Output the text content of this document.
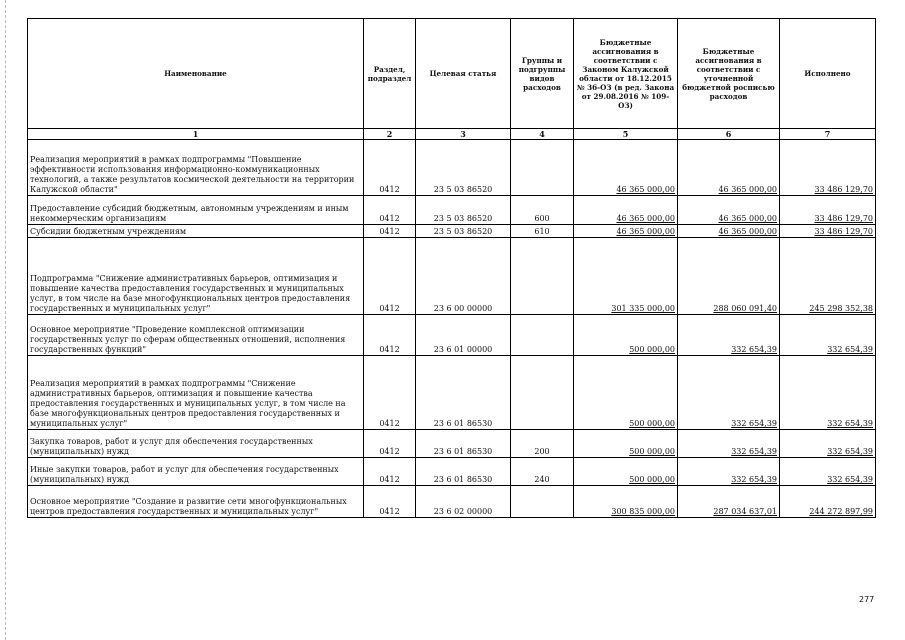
Наименование	Раздел, подраздел	Целевая статья	Группы и подгруппы видов расходов	Бюджетные ассигнования в соответствии с Законом Калужской области от 18.12.2015 № 36-ОЗ (в ред. Закона от 29.08.2016 № 109-ОЗ)	Бюджетные ассигнования в соответствии с уточненной бюджетной росписью расходов	Исполнено
1	2	3	4	5	6	7
Реализация мероприятий в рамках подпрограммы "Повышение эффективности использования информационно-коммуникационных технологий, а также результатов космической деятельности на территории Калужской области"	0412	23 5 03 86520		46 365 000,00	46 365 000,00	33 486 129,70
Предоставление субсидий бюджетным, автономным учреждениям и иным некоммерческим организациям	0412	23 5 03 86520	600	46 365 000,00	46 365 000,00	33 486 129,70
Субсидии бюджетным учреждениям	0412	23 5 03 86520	610	46 365 000,00	46 365 000,00	33 486 129,70
Подпрограмма "Снижение административных барьеров, оптимизация и повышение качества предоставления государственных и муниципальных услуг, в том числе на базе многофункциональных центров предоставления государственных и муниципальных услуг"	0412	23 6 00 00000		301 335 000,00	288 060 091,40	245 298 352,38
Основное мероприятие "Проведение комплексной оптимизации государственных услуг по сферам общественных отношений, исполнения государственных функций"	0412	23 6 01 00000		500 000,00	332 654,39	332 654,39
Реализация мероприятий в рамках подпрограммы "Снижение административных барьеров, оптимизация и повышение качества предоставления государственных и муниципальных услуг, в том числе на базе многофункциональных центров предоставления государственных и муниципальных услуг"	0412	23 6 01 86530		500 000,00	332 654,39	332 654,39
Закупка товаров, работ и услуг для обеспечения государственных (муниципальных) нужд	0412	23 6 01 86530	200	500 000,00	332 654,39	332 654,39
Иные закупки товаров, работ и услуг для обеспечения государственных (муниципальных) нужд	0412	23 6 01 86530	240	500 000,00	332 654,39	332 654,39
Основное мероприятие "Создание и развитие сети многофункциональных центров предоставления государственных и муниципальных услуг"	0412	23 6 02 00000		300 835 000,00	287 034 637,01	244 272 897,99
277
